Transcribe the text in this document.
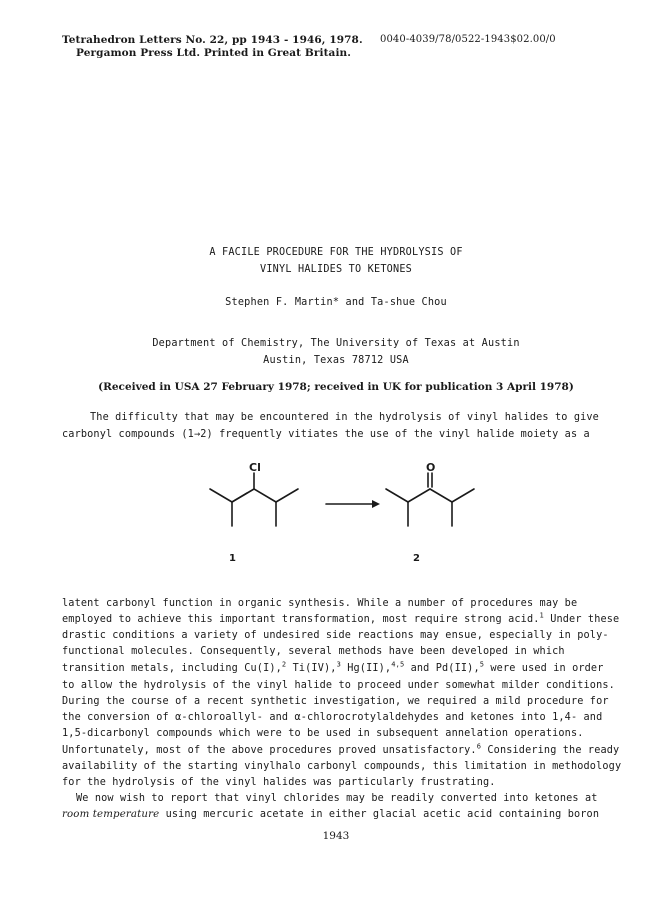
Tetrahedron Letters No. 22, pp 1943 - 1946, 1978.
Pergamon Press Ltd. Printed in Great Britain.
0040-4039/78/0522-1943$02.00/0
A FACILE PROCEDURE FOR THE HYDROLYSIS OF
VINYL HALIDES TO KETONES
Stephen F. Martin* and Ta-shue Chou
Department of Chemistry, The University of Texas at Austin
Austin, Texas 78712 USA
(Received in USA 27 February 1978; received in UK for publication 3 April 1978)
The difficulty that may be encountered in the hydrolysis of vinyl halides to give
carbonyl compounds (1→2) frequently vitiates the use of the vinyl halide moiety as a
Cl	O
1	2
latent carbonyl function in organic synthesis. While a number of procedures may be
employed to achieve this important transformation, most require strong acid.$^1$ Under these
drastic conditions a variety of undesired side reactions may ensue, especially in poly-
functional molecules. Consequently, several methods have been developed in which
transition metals, including Cu(I),$^2$ Ti(IV),$^3$ Hg(II),$^{4,5}$ and Pd(II),$^5$ were used in order
to allow the hydrolysis of the vinyl halide to proceed under somewhat milder conditions.
During the course of a recent synthetic investigation, we required a mild procedure for
the conversion of α-chloroallyl- and α-chlorocrotylaldehydes and ketones into 1,4- and
1,5-dicarbonyl compounds which were to be used in subsequent annelation operations.
Unfortunately, most of the above procedures proved unsatisfactory.$^6$ Considering the ready
availability of the starting vinylhalo carbonyl compounds, this limitation in methodology
for the hydrolysis of the vinyl halides was particularly frustrating.
We now wish to report that vinyl chlorides may be readily converted into ketones at
room temperature using mercuric acetate in either glacial acetic acid containing boron
1943
